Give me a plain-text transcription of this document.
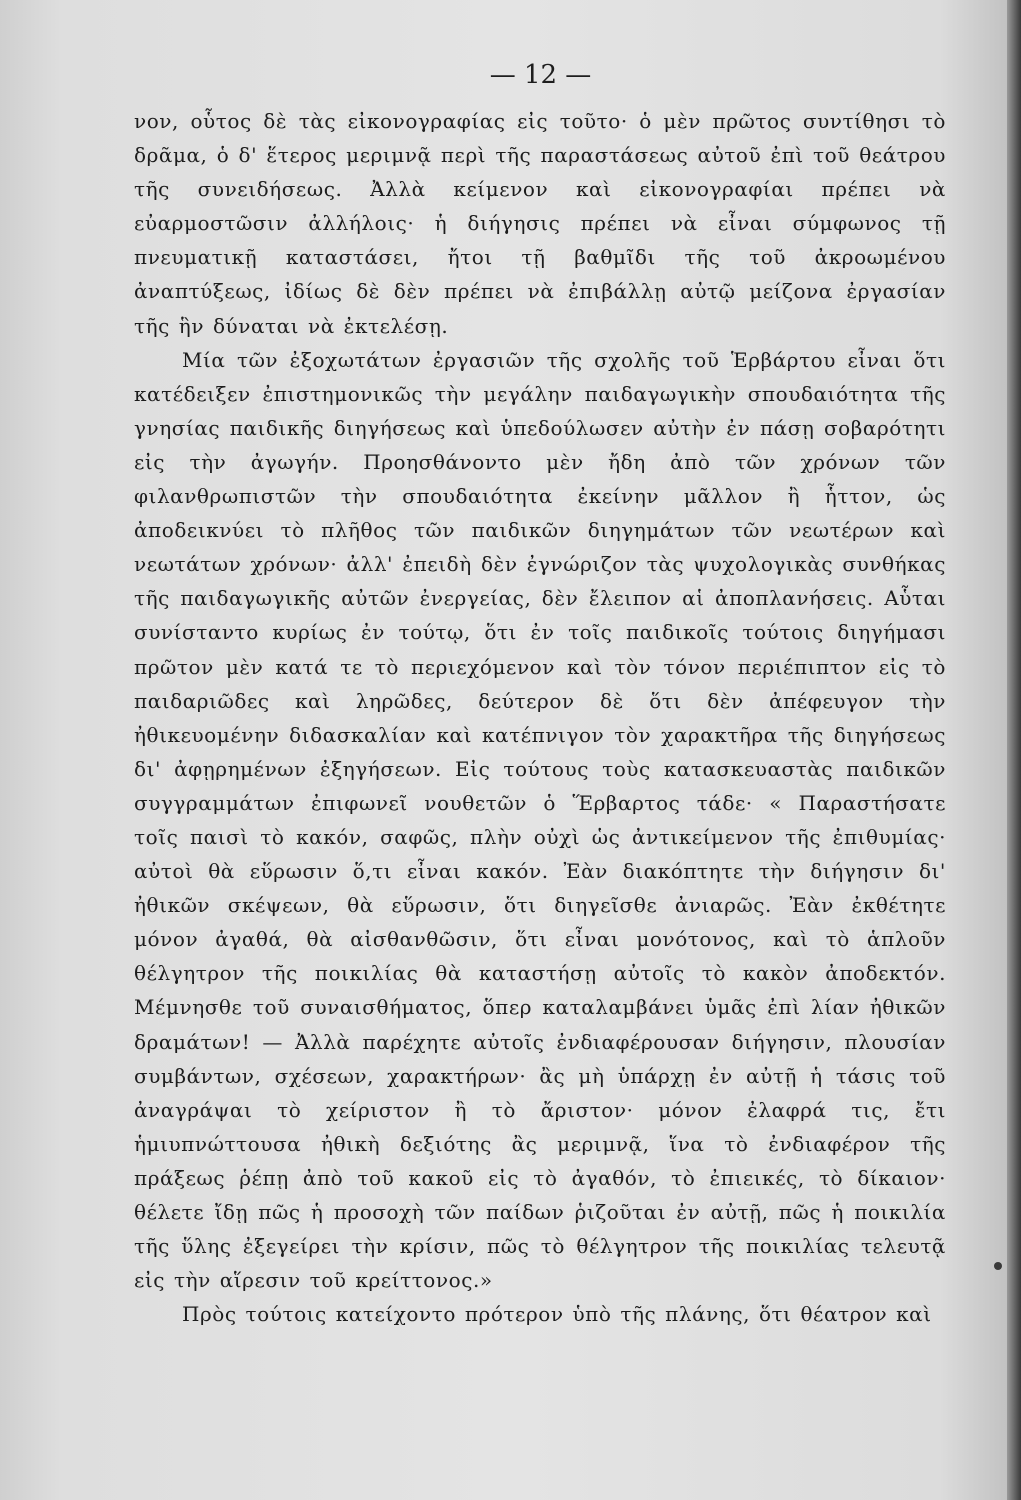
— 12 —

νον, οὗτος δὲ τὰς εἰκονογραφίας εἰς τοῦτο· ὁ μὲν πρῶτος συντίθησι τὸ δρᾶμα, ὁ δ' ἕτερος μεριμνᾷ περὶ τῆς παραστάσεως αὐτοῦ ἐπὶ τοῦ θεάτρου τῆς συνειδήσεως. Ἀλλὰ κείμενον καὶ εἰκονογραφίαι πρέπει νὰ εὐαρμοστῶσιν ἀλλήλοις· ἡ διήγησις πρέπει νὰ εἶναι σύμφωνος τῇ πνευματικῇ καταστάσει, ἤτοι τῇ βαθμῖδι τῆς τοῦ ἀκροωμένου ἀναπτύξεως, ἰδίως δὲ δὲν πρέπει νὰ ἐπιβάλλῃ αὐτῷ μείζονα ἐργασίαν τῆς ἣν δύναται νὰ ἐκτελέσῃ.

Μία τῶν ἐξοχωτάτων ἐργασιῶν τῆς σχολῆς τοῦ Ἑρβάρτου εἶναι ὅτι κατέδειξεν ἐπιστημονικῶς τὴν μεγάλην παιδαγωγικὴν σπουδαιότητα τῆς γνησίας παιδικῆς διηγήσεως καὶ ὑπεδούλωσεν αὐτὴν ἐν πάσῃ σοβαρότητι εἰς τὴν ἀγωγήν. Προησθάνοντο μὲν ἤδη ἀπὸ τῶν χρόνων τῶν φιλανθρωπιστῶν τὴν σπουδαιότητα ἐκείνην μᾶλλον ἢ ἧττον, ὡς ἀποδεικνύει τὸ πλῆθος τῶν παιδικῶν διηγημάτων τῶν νεωτέρων καὶ νεωτάτων χρόνων· ἀλλ' ἐπειδὴ δὲν ἐγνώριζον τὰς ψυχολογικὰς συνθήκας τῆς παιδαγωγικῆς αὐτῶν ἐνεργείας, δὲν ἔλειπον αἱ ἀποπλανήσεις. Αὗται συνίσταντο κυρίως ἐν τούτῳ, ὅτι ἐν τοῖς παιδικοῖς τούτοις διηγήμασι πρῶτον μὲν κατά τε τὸ περιεχόμενον καὶ τὸν τόνον περιέπιπτον εἰς τὸ παιδαριῶδες καὶ ληρῶδες, δεύτερον δὲ ὅτι δὲν ἀπέφευγον τὴν ἠθικευομένην διδασκαλίαν καὶ κατέπνιγον τὸν χαρακτῆρα τῆς διηγήσεως δι' ἀφῃρημένων ἐξηγήσεων. Εἰς τούτους τοὺς κατασκευαστὰς παιδικῶν συγγραμμάτων ἐπιφωνεῖ νουθετῶν ὁ Ἕρβαρτος τάδε· « Παραστήσατε τοῖς παισὶ τὸ κακόν, σαφῶς, πλὴν οὐχὶ ὡς ἀντικείμενον τῆς ἐπιθυμίας· αὐτοὶ θὰ εὕρωσιν ὅ,τι εἶναι κακόν. Ἐὰν διακόπτητε τὴν διήγησιν δι' ἠθικῶν σκέψεων, θὰ εὕρωσιν, ὅτι διηγεῖσθε ἀνιαρῶς. Ἐὰν ἐκθέτητε μόνον ἀγαθά, θὰ αἰσθανθῶσιν, ὅτι εἶναι μονότονος, καὶ τὸ ἁπλοῦν θέλγητρον τῆς ποικιλίας θὰ καταστήσῃ αὐτοῖς τὸ κακὸν ἀποδεκτόν. Μέμνησθε τοῦ συναισθήματος, ὅπερ καταλαμβάνει ὑμᾶς ἐπὶ λίαν ἠθικῶν δραμάτων! — Ἀλλὰ παρέχητε αὐτοῖς ἐνδιαφέρουσαν διήγησιν, πλουσίαν συμβάντων, σχέσεων, χαρακτήρων· ἂς μὴ ὑπάρχῃ ἐν αὐτῇ ἡ τάσις τοῦ ἀναγράψαι τὸ χείριστον ἢ τὸ ἄριστον· μόνον ἐλαφρά τις, ἔτι ἡμιυπνώττουσα ἠθικὴ δεξιότης ἂς μεριμνᾷ, ἵνα τὸ ἐνδιαφέρον τῆς πράξεως ῥέπῃ ἀπὸ τοῦ κακοῦ εἰς τὸ ἀγαθόν, τὸ ἐπιεικές, τὸ δίκαιον· θέλετε ἴδῃ πῶς ἡ προσοχὴ τῶν παίδων ῥιζοῦται ἐν αὐτῇ, πῶς ἡ ποικιλία τῆς ὕλης ἐξεγείρει τὴν κρίσιν, πῶς τὸ θέλγητρον τῆς ποικιλίας τελευτᾷ εἰς τὴν αἵρεσιν τοῦ κρείττονος.»

Πρὸς τούτοις κατείχοντο πρότερον ὑπὸ τῆς πλάνης, ὅτι θέατρον καὶ
